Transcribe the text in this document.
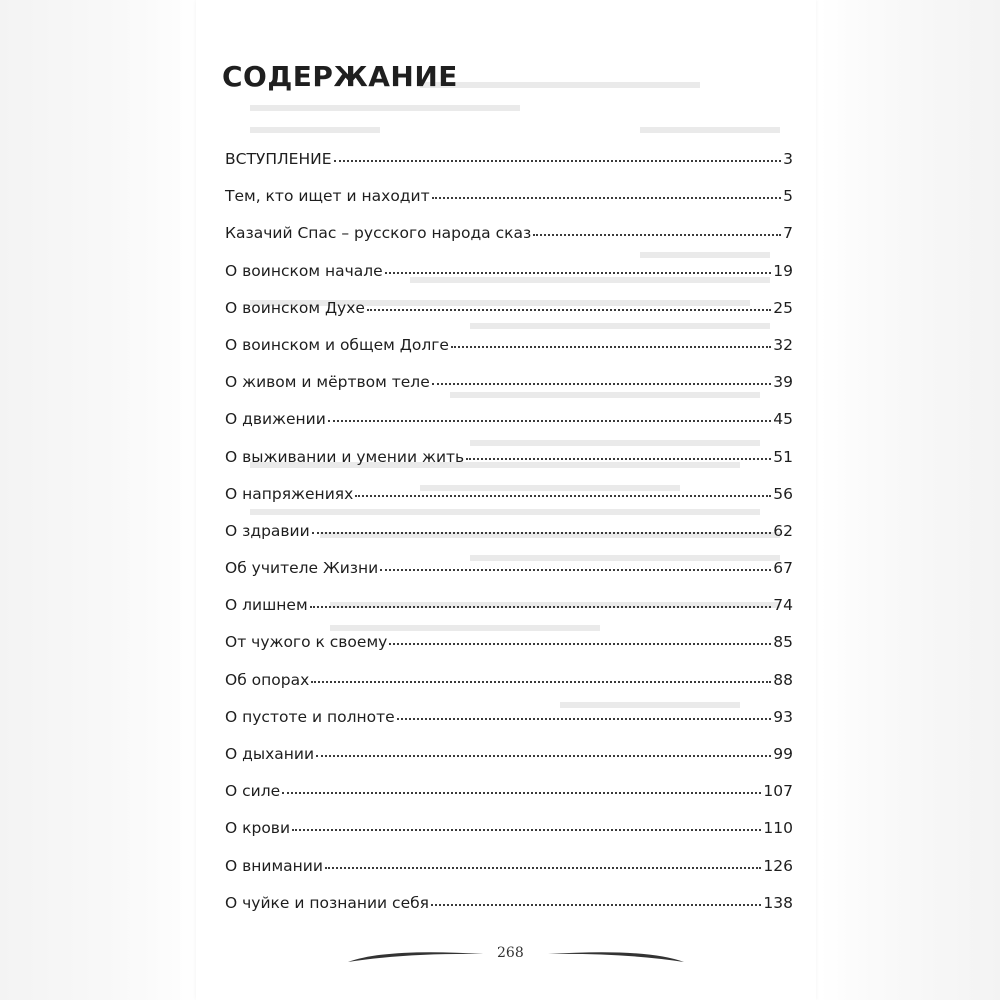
СОДЕРЖАНИЕ
ВСТУПЛЕНИЕ	3
Тем, кто ищет и находит	5
Казачий Спас – русского народа сказ	7
О воинском начале	19
О воинском Духе	25
О воинском и общем Долге	32
О живом и мёртвом теле	39
О движении	45
О выживании и умении жить	51
О напряжениях	56
О здравии	62
Об учителе Жизни	67
О лишнем	74
От чужого к своему	85
Об опорах	88
О пустоте и полноте	93
О дыхании	99
О силе	107
О крови	110
О внимании	126
О чуйке и познании себя	138
268
